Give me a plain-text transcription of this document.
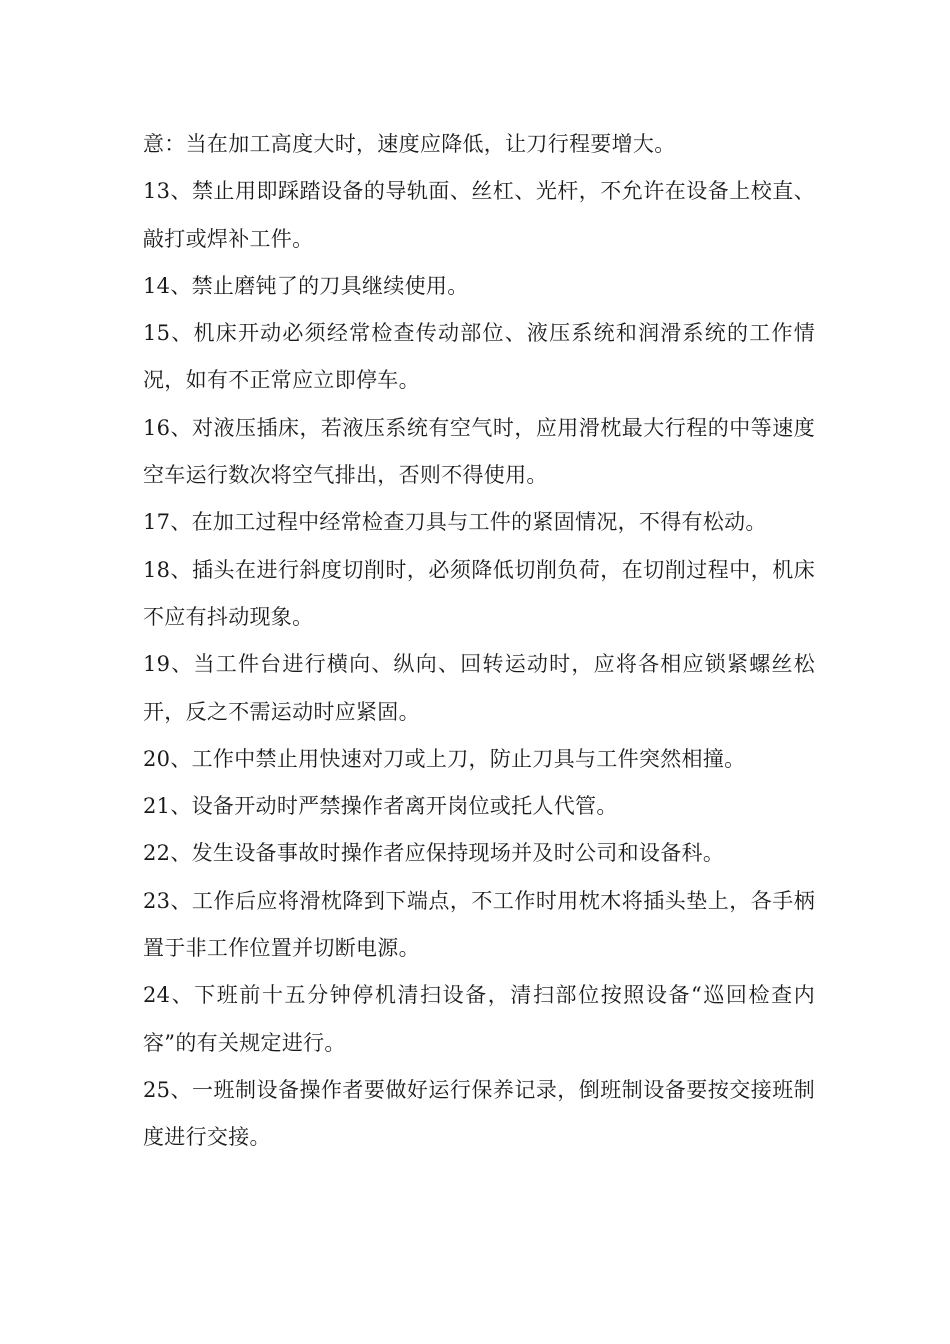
意：当在加工高度大时，速度应降低，让刀行程要增大。

13、禁止用即踩踏设备的导轨面、丝杠、光杆，不允许在设备上校直、敲打或焊补工件。

14、禁止磨钝了的刀具继续使用。

15、机床开动必须经常检查传动部位、液压系统和润滑系统的工作情况，如有不正常应立即停车。

16、对液压插床，若液压系统有空气时，应用滑枕最大行程的中等速度空车运行数次将空气排出，否则不得使用。

17、在加工过程中经常检查刀具与工件的紧固情况，不得有松动。

18、插头在进行斜度切削时，必须降低切削负荷，在切削过程中，机床不应有抖动现象。

19、当工件台进行横向、纵向、回转运动时，应将各相应锁紧螺丝松开，反之不需运动时应紧固。

20、工作中禁止用快速对刀或上刀，防止刀具与工件突然相撞。

21、设备开动时严禁操作者离开岗位或托人代管。

22、发生设备事故时操作者应保持现场并及时公司和设备科。

23、工作后应将滑枕降到下端点，不工作时用枕木将插头垫上，各手柄置于非工作位置并切断电源。

24、下班前十五分钟停机清扫设备，清扫部位按照设备“巡回检查内容”的有关规定进行。

25、一班制设备操作者要做好运行保养记录，倒班制设备要按交接班制度进行交接。
